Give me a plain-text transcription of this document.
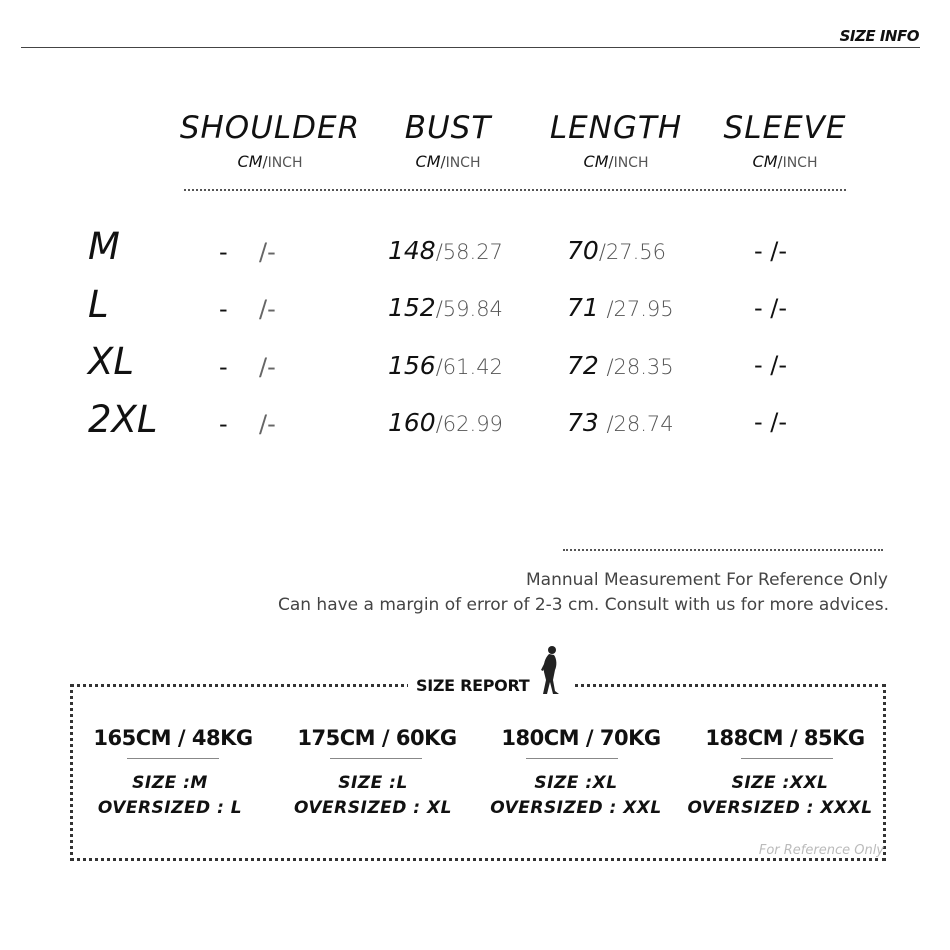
SIZE INFO
SHOULDER
CM/INCH
BUST
CM/INCH
LENGTH
CM/INCH
SLEEVE
CM/INCH
M	- /-	148/58.27	70/27.56	- /-
L	- /-	152/59.84	71 /27.95	- /-
XL	- /-	156/61.42	72 /28.35	- /-
2XL	- /-	160/62.99	73 /28.74	- /-
Mannual Measurement For Reference Only
Can have a margin of error of 2-3 cm. Consult with us for more advices.
SIZE REPORT
165CM / 48KG
SIZE :M
OVERSIZED : L
175CM / 60KG
SIZE :L
OVERSIZED : XL
180CM / 70KG
SIZE :XL
OVERSIZED : XXL
188CM / 85KG
SIZE :XXL
OVERSIZED : XXXL
For Reference Only
